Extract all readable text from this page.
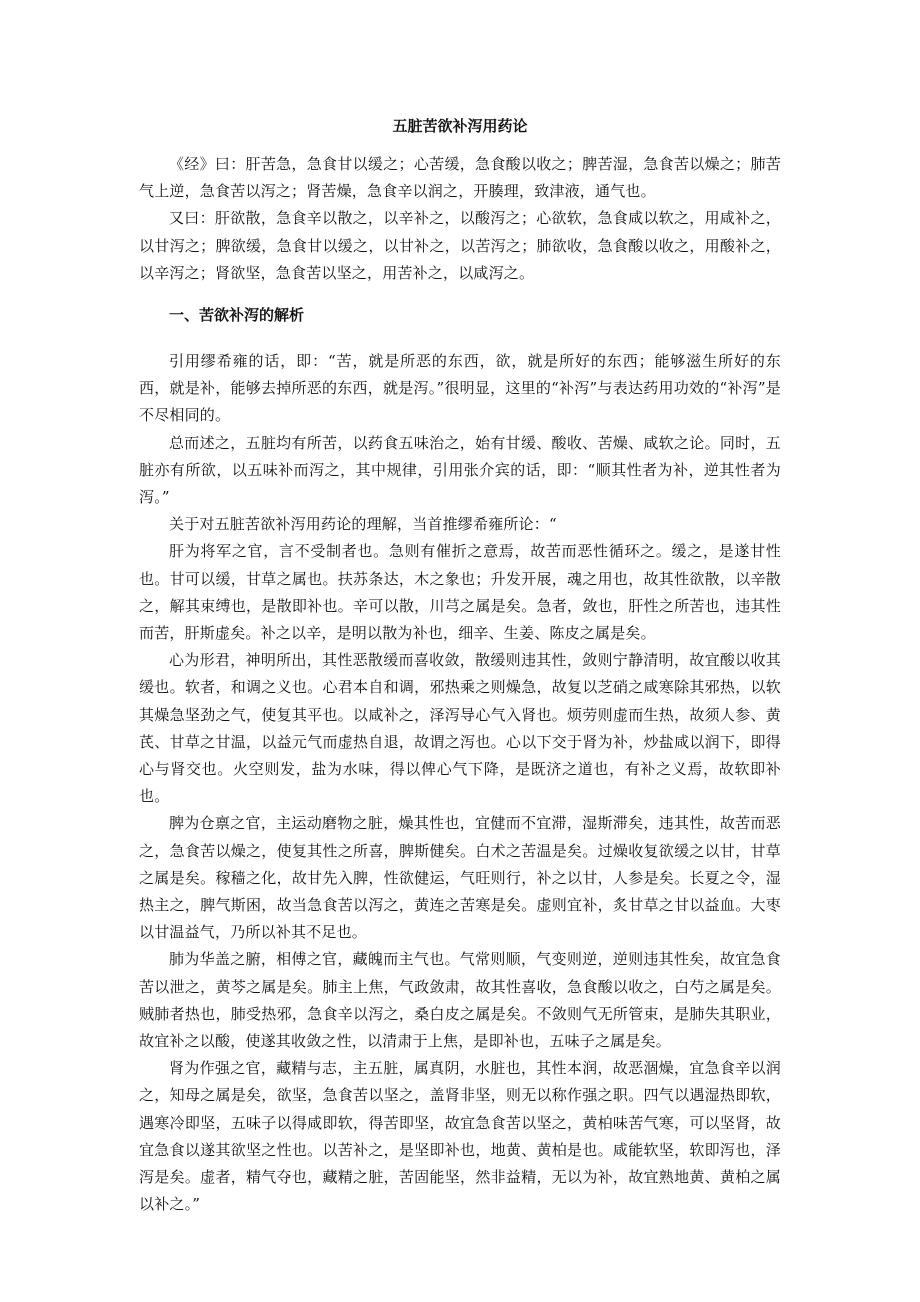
五脏苦欲补泻用药论

《经》曰：肝苦急，急食甘以缓之；心苦缓，急食酸以收之；脾苦湿，急食苦以燥之；肺苦气上逆，急食苦以泻之；肾苦燥，急食辛以润之，开腠理，致津液，通气也。

又曰：肝欲散，急食辛以散之，以辛补之，以酸泻之；心欲软，急食咸以软之，用咸补之，以甘泻之；脾欲缓，急食甘以缓之，以甘补之，以苦泻之；肺欲收，急食酸以收之，用酸补之，以辛泻之；肾欲坚，急食苦以坚之，用苦补之，以咸泻之。

一、苦欲补泻的解析

引用缪希雍的话，即：“苦，就是所恶的东西，欲，就是所好的东西；能够滋生所好的东西，就是补，能够去掉所恶的东西，就是泻。”很明显，这里的“补泻”与表达药用功效的“补泻”是不尽相同的。

总而述之，五脏均有所苦，以药食五味治之，始有甘缓、酸收、苦燥、咸软之论。同时，五脏亦有所欲，以五味补而泻之，其中规律，引用张介宾的话，即：“顺其性者为补，逆其性者为泻。”

关于对五脏苦欲补泻用药论的理解，当首推缪希雍所论：“

肝为将军之官，言不受制者也。急则有催折之意焉，故苦而恶性循环之。缓之，是遂甘性也。甘可以缓，甘草之属也。扶苏条达，木之象也；升发开展，魂之用也，故其性欲散，以辛散之，解其束缚也，是散即补也。辛可以散，川芎之属是矣。急者，敛也，肝性之所苦也，违其性而苦，肝斯虚矣。补之以辛，是明以散为补也，细辛、生姜、陈皮之属是矣。

心为形君，神明所出，其性恶散缓而喜收敛，散缓则违其性，敛则宁静清明，故宜酸以收其缓也。软者，和调之义也。心君本自和调，邪热乘之则燥急，故复以芝硝之咸寒除其邪热，以软其燥急坚劲之气，使复其平也。以咸补之，泽泻导心气入肾也。烦劳则虚而生热，故须人参、黄芪、甘草之甘温，以益元气而虚热自退，故谓之泻也。心以下交于肾为补，炒盐咸以润下，即得心与肾交也。火空则发，盐为水味，得以俾心气下降，是既济之道也，有补之义焉，故软即补也。

脾为仓禀之官，主运动磨物之脏，燥其性也，宜健而不宜滞，湿斯滞矣，违其性，故苦而恶之，急食苦以燥之，使复其性之所喜，脾斯健矣。白术之苦温是矣。过燥收复欲缓之以甘，甘草之属是矣。稼穑之化，故甘先入脾，性欲健运，气旺则行，补之以甘，人参是矣。长夏之令，湿热主之，脾气斯困，故当急食苦以泻之，黄连之苦寒是矣。虚则宜补，炙甘草之甘以益血。大枣以甘温益气，乃所以补其不足也。

肺为华盖之腑，相傅之官，藏魄而主气也。气常则顺，气变则逆，逆则违其性矣，故宜急食苦以泄之，黄芩之属是矣。肺主上焦，气政敛肃，故其性喜收，急食酸以收之，白芍之属是矣。贼肺者热也，肺受热邪，急食辛以泻之，桑白皮之属是矣。不敛则气无所管束，是肺失其职业，故宜补之以酸，使遂其收敛之性，以清肃于上焦，是即补也，五味子之属是矣。

肾为作强之官，藏精与志，主五脏，属真阴，水脏也，其性本润，故恶涸燥，宜急食辛以润之，知母之属是矣，欲坚，急食苦以坚之，盖肾非坚，则无以称作强之职。四气以遇湿热即软，遇寒冷即坚，五味子以得咸即软，得苦即坚，故宜急食苦以坚之，黄柏味苦气寒，可以坚肾，故宜急食以遂其欲坚之性也。以苦补之，是坚即补也，地黄、黄柏是也。咸能软坚，软即泻也，泽泻是矣。虚者，精气夺也，藏精之脏，苦固能坚，然非益精，无以为补，故宜熟地黄、黄柏之属以补之。”
